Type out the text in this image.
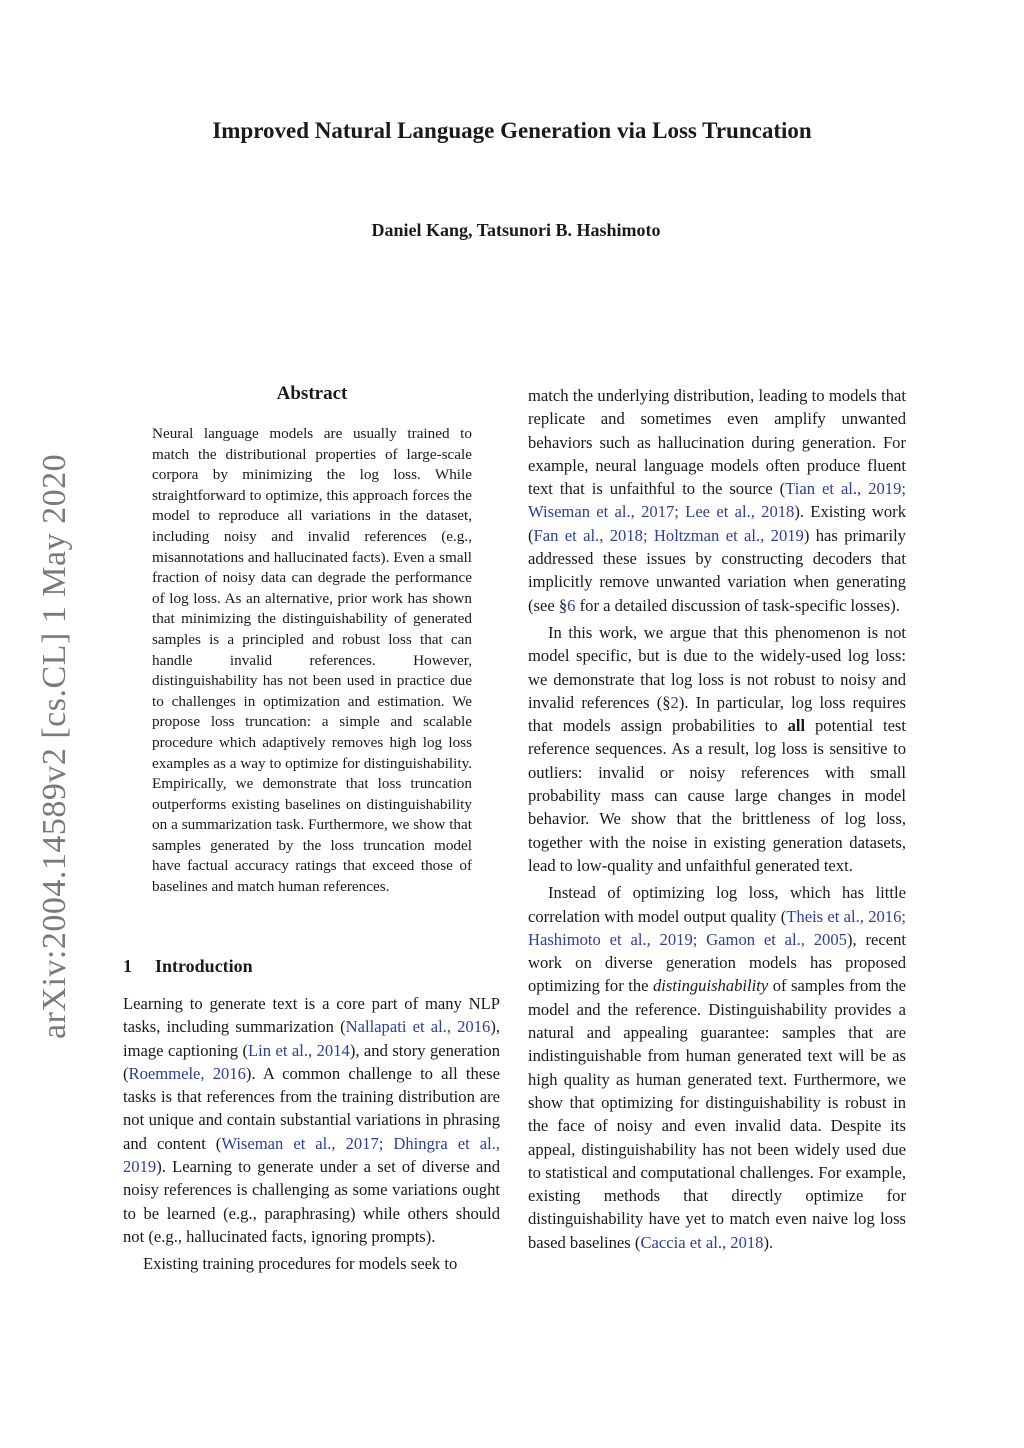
arXiv:2004.14589v2 [cs.CL] 1 May 2020
Improved Natural Language Generation via Loss Truncation
Daniel Kang, Tatsunori B. Hashimoto
Abstract

Neural language models are usually trained to match the distributional properties of large-scale corpora by minimizing the log loss. While straightforward to optimize, this approach forces the model to reproduce all variations in the dataset, including noisy and invalid references (e.g., misannotations and hallucinated facts). Even a small fraction of noisy data can degrade the performance of log loss. As an alternative, prior work has shown that minimizing the distinguishability of generated samples is a principled and robust loss that can handle invalid references. However, distinguishability has not been used in practice due to challenges in optimization and estimation. We propose loss truncation: a simple and scalable procedure which adaptively removes high log loss examples as a way to optimize for distinguishability. Empirically, we demonstrate that loss truncation outperforms existing baselines on distinguishability on a summarization task. Furthermore, we show that samples generated by the loss truncation model have factual accuracy ratings that exceed those of baselines and match human references.

1 Introduction

Learning to generate text is a core part of many NLP tasks, including summarization (Nallapati et al., 2016), image captioning (Lin et al., 2014), and story generation (Roemmele, 2016). A common challenge to all these tasks is that references from the training distribution are not unique and contain substantial variations in phrasing and content (Wiseman et al., 2017; Dhingra et al., 2019). Learning to generate under a set of diverse and noisy references is challenging as some variations ought to be learned (e.g., paraphrasing) while others should not (e.g., hallucinated facts, ignoring prompts).

Existing training procedures for models seek to

match the underlying distribution, leading to models that replicate and sometimes even amplify unwanted behaviors such as hallucination during generation. For example, neural language models often produce fluent text that is unfaithful to the source (Tian et al., 2019; Wiseman et al., 2017; Lee et al., 2018). Existing work (Fan et al., 2018; Holtzman et al., 2019) has primarily addressed these issues by constructing decoders that implicitly remove unwanted variation when generating (see §6 for a detailed discussion of task-specific losses).

In this work, we argue that this phenomenon is not model specific, but is due to the widely-used log loss: we demonstrate that log loss is not robust to noisy and invalid references (§2). In particular, log loss requires that models assign probabilities to all potential test reference sequences. As a result, log loss is sensitive to outliers: invalid or noisy references with small probability mass can cause large changes in model behavior. We show that the brittleness of log loss, together with the noise in existing generation datasets, lead to low-quality and unfaithful generated text.

Instead of optimizing log loss, which has little correlation with model output quality (Theis et al., 2016; Hashimoto et al., 2019; Gamon et al., 2005), recent work on diverse generation models has proposed optimizing for the distinguishability of samples from the model and the reference. Distinguishability provides a natural and appealing guarantee: samples that are indistinguishable from human generated text will be as high quality as human generated text. Furthermore, we show that optimizing for distinguishability is robust in the face of noisy and even invalid data. Despite its appeal, distinguishability has not been widely used due to statistical and computational challenges. For example, existing methods that directly optimize for distinguishability have yet to match even naive log loss based baselines (Caccia et al., 2018).
